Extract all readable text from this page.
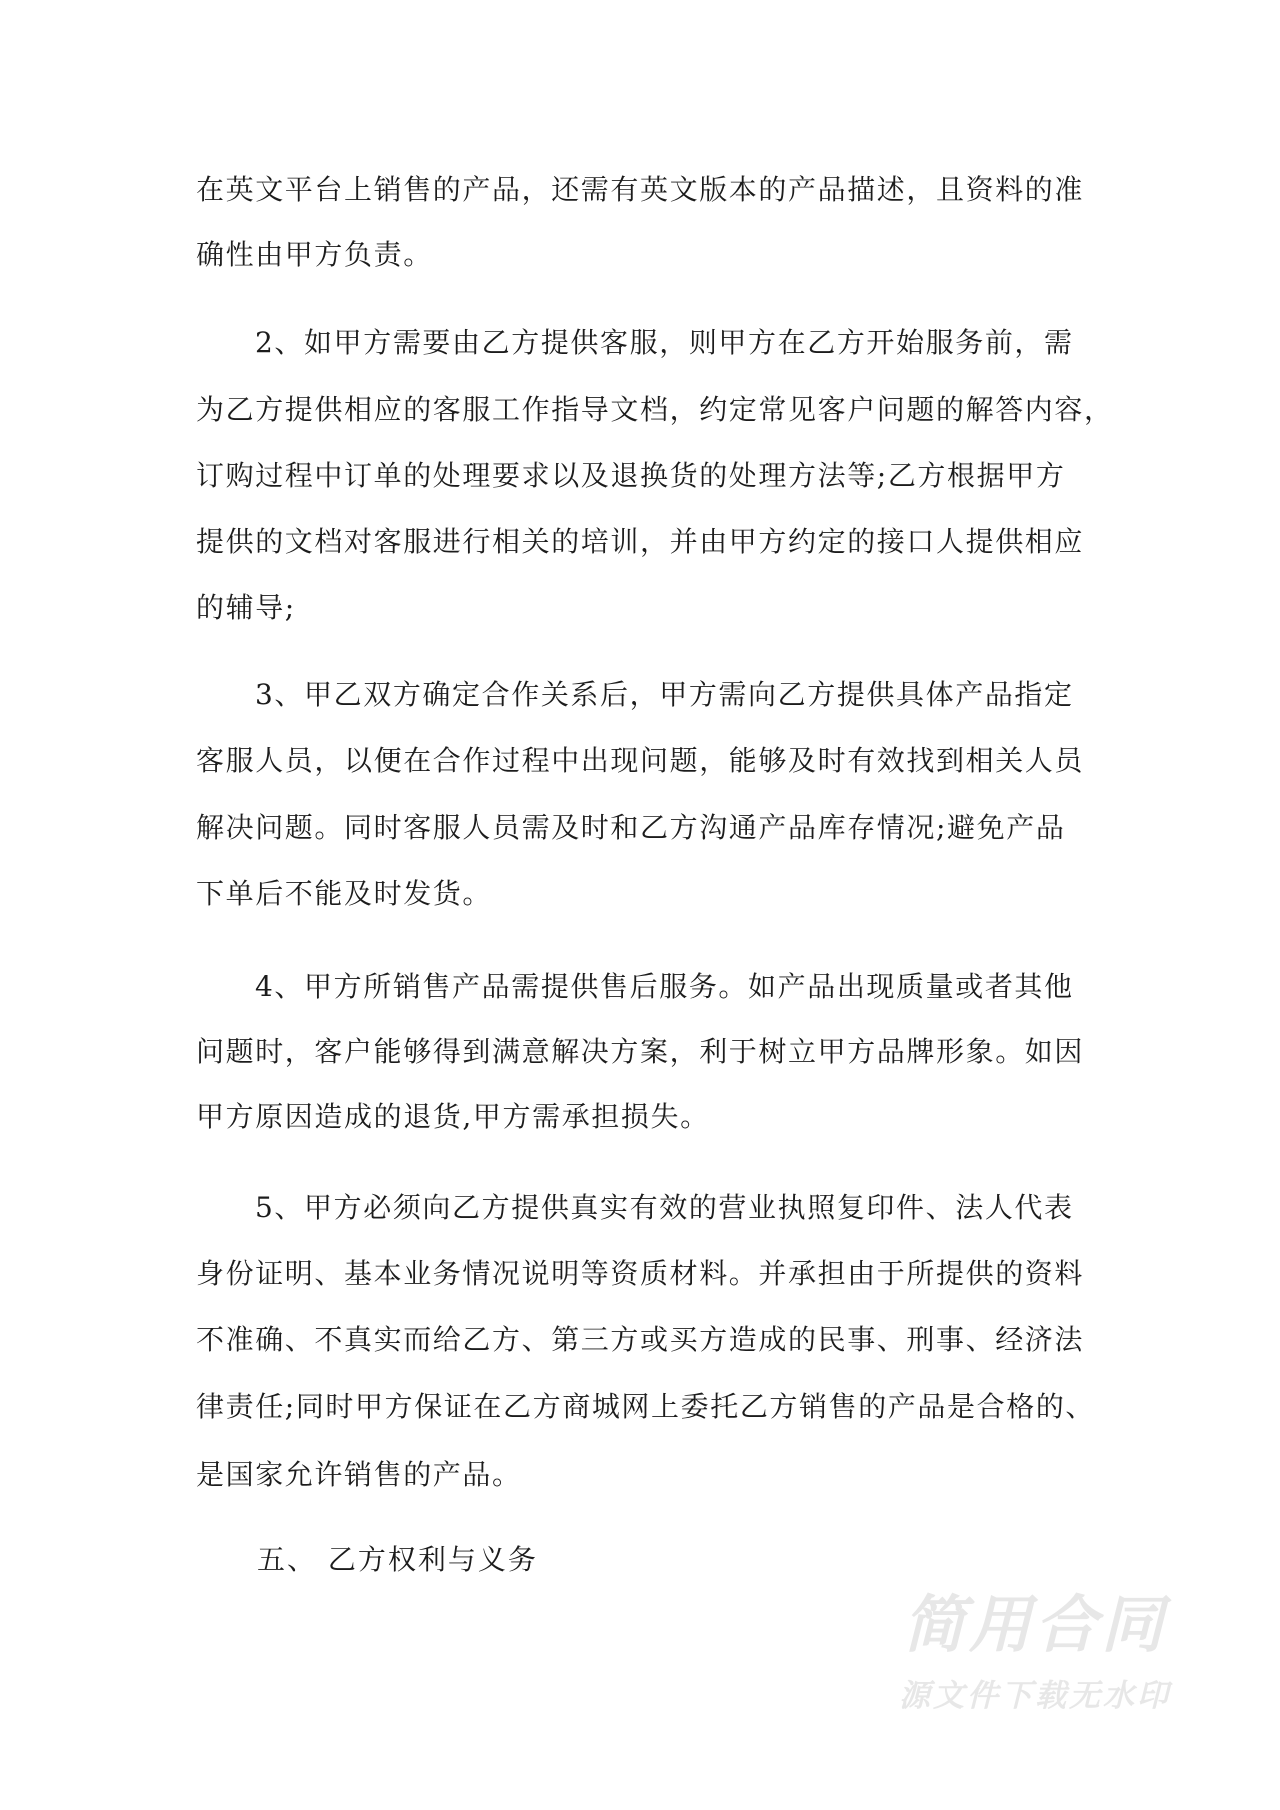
在英文平台上销售的产品，还需有英文版本的产品描述，且资料的准
确性由甲方负责。
2、如甲方需要由乙方提供客服，则甲方在乙方开始服务前，需
为乙方提供相应的客服工作指导文档，约定常见客户问题的解答内容，
订购过程中订单的处理要求以及退换货的处理方法等;乙方根据甲方
提供的文档对客服进行相关的培训，并由甲方约定的接口人提供相应
的辅导;
3、甲乙双方确定合作关系后，甲方需向乙方提供具体产品指定
客服人员，以便在合作过程中出现问题，能够及时有效找到相关人员
解决问题。同时客服人员需及时和乙方沟通产品库存情况;避免产品
下单后不能及时发货。
4、甲方所销售产品需提供售后服务。如产品出现质量或者其他
问题时，客户能够得到满意解决方案，利于树立甲方品牌形象。如因
甲方原因造成的退货,甲方需承担损失。
5、甲方必须向乙方提供真实有效的营业执照复印件、法人代表
身份证明、基本业务情况说明等资质材料。并承担由于所提供的资料
不准确、不真实而给乙方、第三方或买方造成的民事、刑事、经济法
律责任;同时甲方保证在乙方商城网上委托乙方销售的产品是合格的、
是国家允许销售的产品。
五、 乙方权利与义务
简用合同
源文件下载无水印
